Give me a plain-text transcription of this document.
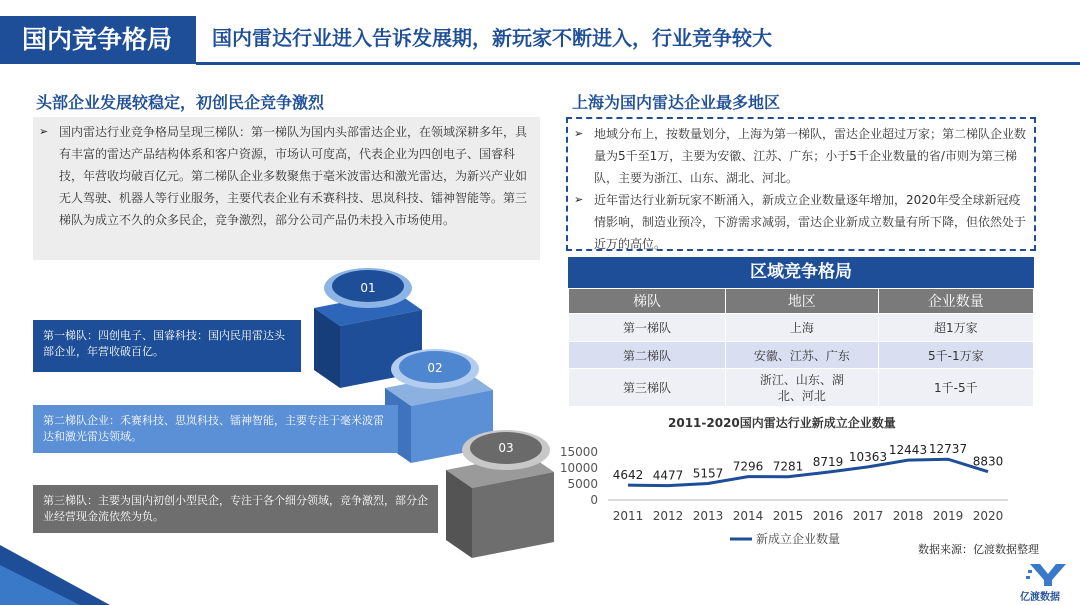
国内竞争格局	国内雷达行业进入告诉发展期，新玩家不断进入，行业竞争较大
头部企业发展较稳定，初创民企竞争激烈
➢ 国内雷达行业竞争格局呈现三梯队：第一梯队为国内头部雷达企业，在领域深耕多年，具有丰富的雷达产品结构体系和客户资源，市场认可度高，代表企业为四创电子、国睿科技，年营收均破百亿元。第二梯队企业多数聚焦于毫米波雷达和激光雷达，为新兴产业如无人驾驶、机器人等行业服务，主要代表企业有禾赛科技、思岚科技、镭神智能等。第三梯队为成立不久的众多民企，竞争激烈，部分公司产品仍未投入市场使用。
01
02
03
第一梯队：四创电子、国睿科技：国内民用雷达头部企业，年营收破百亿。
第二梯队企业：禾赛科技、思岚科技、镭神智能，主要专注于毫米波雷达和激光雷达领域。
第三梯队：主要为国内初创小型民企，专注于各个细分领域，竞争激烈，部分企业经营现金流依然为负。
上海为国内雷达企业最多地区
➢ 地域分布上，按数量划分，上海为第一梯队，雷达企业超过万家；第二梯队企业数量为5千至1万，主要为安徽、江苏、广东；小于5千企业数量的省/市则为第三梯队，主要为浙江、山东、湖北、河北。
➢ 近年雷达行业新玩家不断涌入，新成立企业数量逐年增加，2020年受全球新冠疫情影响，制造业预冷，下游需求减弱，雷达企业新成立数量有所下降，但依然处于近万的高位。
区域竞争格局
梯队	地区	企业数量
第一梯队	上海	超1万家
第二梯队	安徽、江苏、广东	5千-1万家
第三梯队	浙江、山东、湖北、河北	1千-5千
2011-2020国内雷达行业新成立企业数量
15000
10000
5000
0
4642 4477 5157 7296 7281 8719 10363 12443 12737
8830
2011 2012 2013 2014 2015 2016 2017 2018 2019 2020
新成立企业数量
数据来源：亿渡数据整理
亿渡数据
